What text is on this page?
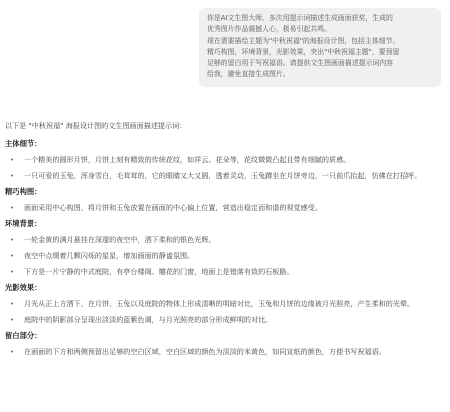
你是AI文生图大师，多次用提示词描述生成画面获奖，生成的

优秀图片作品震撼人心，极易引起共鸣。

现在需要描绘主题为"中秋祝福"的海报设计图，包括主体细节、

精巧构图，环境背景，光影效果，突出"中秋祝福主题"，要预留

足够的留白用于写祝福语。请提供文生图画面描述提示词内容

给我，避免直接生成图片。

以下是 "中秋祝福" 海报设计图的文生图画面描述提示词：

主体细节：
• 一个精美的圆形月饼，月饼上刻有精致的传统花纹，如祥云、花朵等，花纹微微凸起且带有细腻的质感。
• 一只可爱的玉兔，浑身雪白，毛茸茸的，它的眼睛又大又圆，透着灵动，玉兔蹲坐在月饼旁边，一只前爪抬起，仿佛在打招呼。
精巧构图：
• 画面采用中心构图，将月饼和玉兔放置在画面的中心偏上位置，营造出稳定而和谐的视觉感受。
环境背景：
• 一轮金黄的满月悬挂在深邃的夜空中，洒下柔和的银色光辉。
• 夜空中点缀着几颗闪烁的星星，增加画面的静谧氛围。
• 下方是一片宁静的中式庭院，有亭台楼阁、雕花的门窗，地面上是错落有致的石板路。
光影效果：
• 月光从正上方洒下，在月饼、玉兔以及庭院的物体上形成清晰的明暗对比，玉兔和月饼的边缘被月光照亮，产生柔和的光晕。
• 庭院中的阴影部分呈现出淡淡的蓝紫色调，与月光照亮的部分形成鲜明的对比。
留白部分：
• 在画面的下方和两侧预留出足够的空白区域，空白区域的颜色为淡淡的米黄色，如同宣纸的颜色，方便书写祝福语。
